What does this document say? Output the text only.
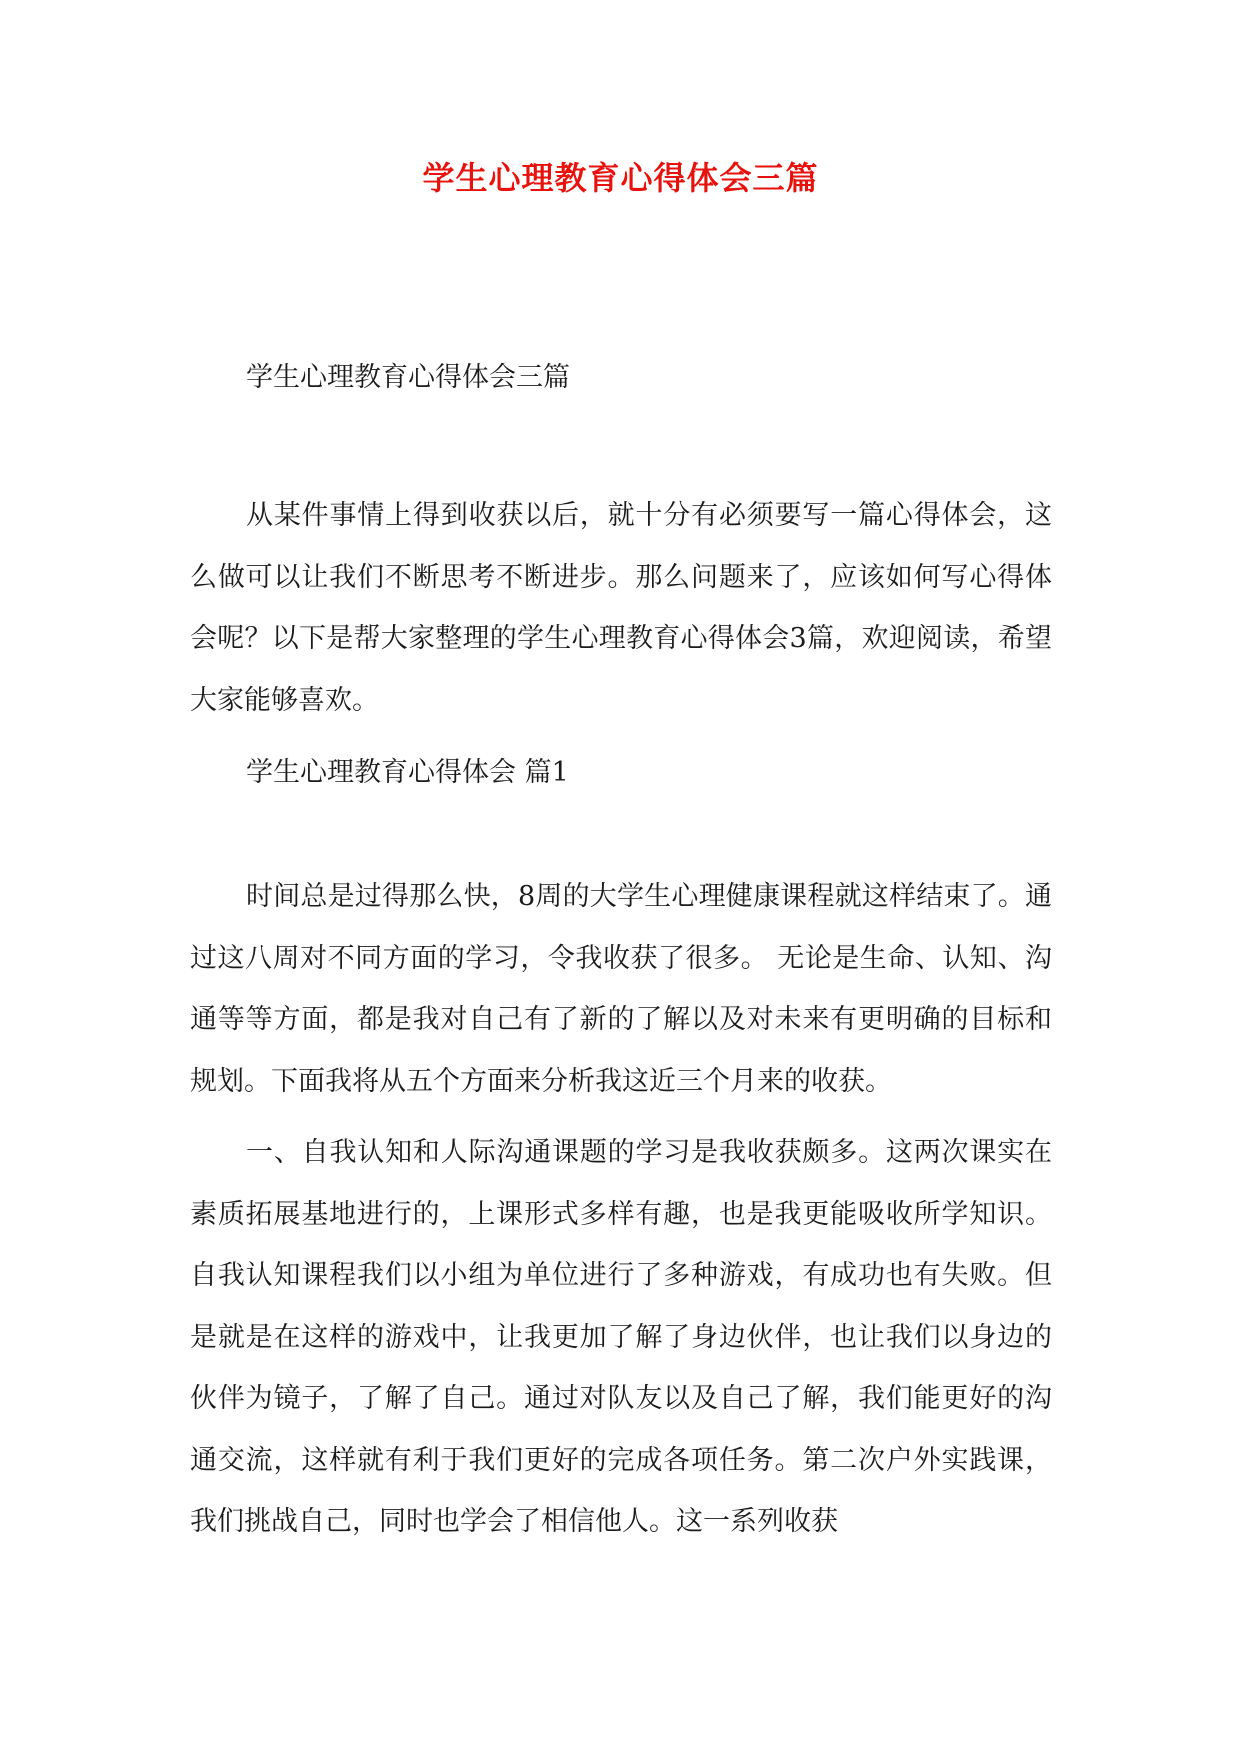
学生心理教育心得体会三篇
学生心理教育心得体会三篇

从某件事情上得到收获以后，就十分有必须要写一篇心得体会，这么做可以让我们不断思考不断进步。那么问题来了，应该如何写心得体会呢？以下是帮大家整理的学生心理教育心得体会3篇，欢迎阅读，希望大家能够喜欢。

学生心理教育心得体会 篇1

时间总是过得那么快，8周的大学生心理健康课程就这样结束了。通过这八周对不同方面的学习，令我收获了很多。 无论是生命、认知、沟通等等方面，都是我对自己有了新的了解以及对未来有更明确的目标和规划。下面我将从五个方面来分析我这近三个月来的收获。

一、自我认知和人际沟通课题的学习是我收获颇多。这两次课实在素质拓展基地进行的，上课形式多样有趣，也是我更能吸收所学知识。自我认知课程我们以小组为单位进行了多种游戏，有成功也有失败。但是就是在这样的游戏中，让我更加了解了身边伙伴，也让我们以身边的伙伴为镜子，了解了自己。通过对队友以及自己了解，我们能更好的沟通交流，这样就有利于我们更好的完成各项任务。第二次户外实践课，我们挑战自己，同时也学会了相信他人。这一系列收获
